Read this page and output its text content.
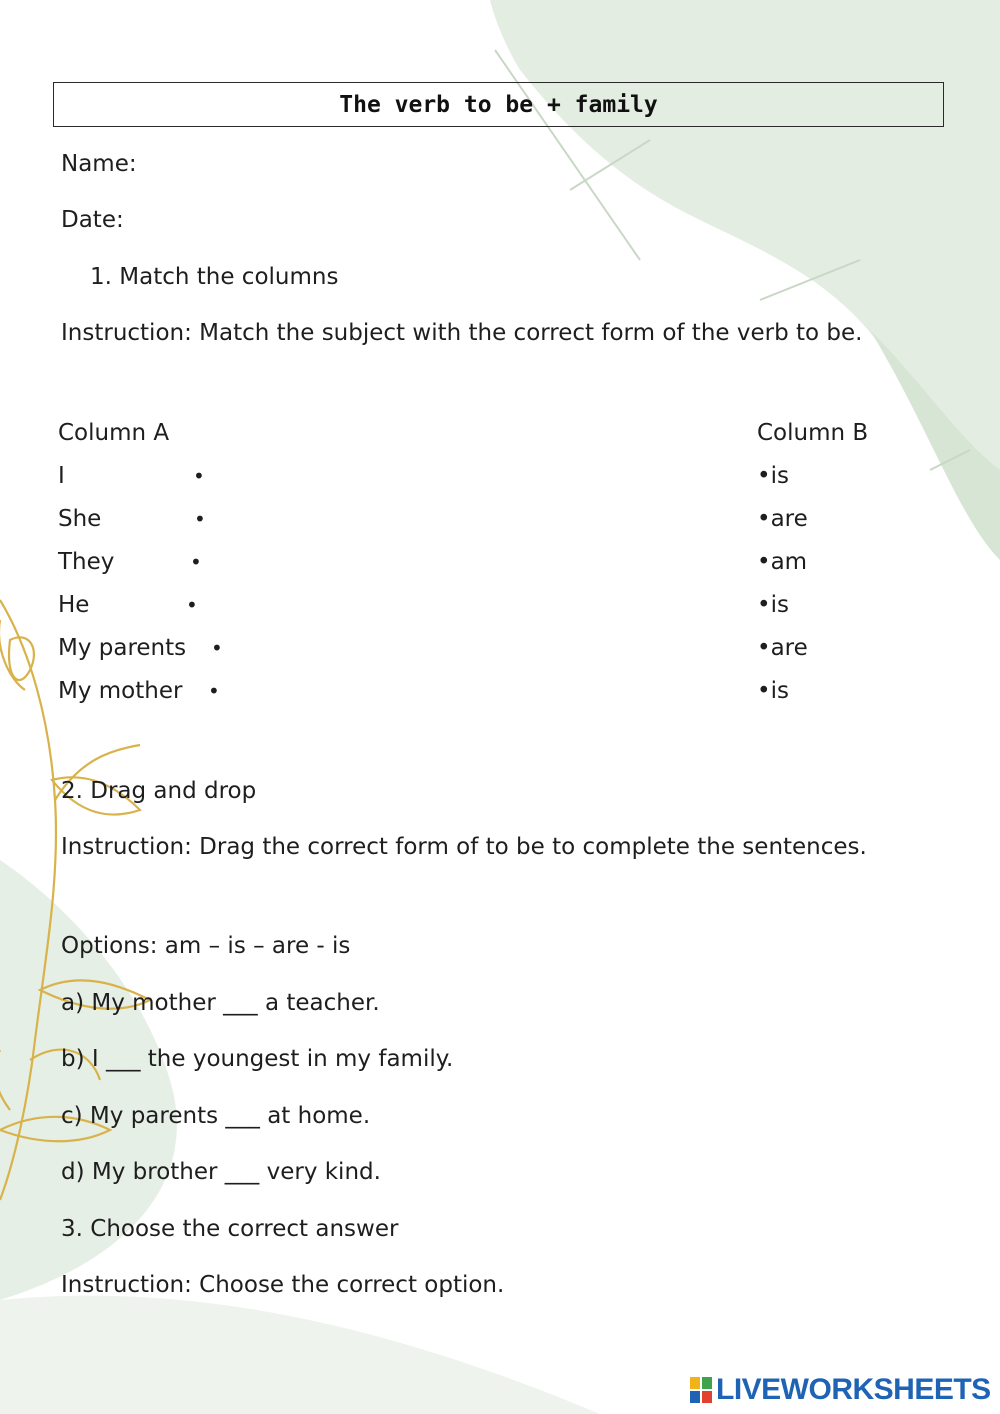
The verb to be + family
Name:
Date:
1. Match the columns
Instruction: Match the subject with the correct form of the verb to be.
Column A	Column B
I
She
They
He
My parents
My mother
•
•
•
•
•
•
•is
•are
•am
•is
•are
•is
2. Drag and drop
Instruction: Drag the correct form of to be to complete the sentences.
Options: am – is – are - is
a) My mother ___ a teacher.
b) I ___ the youngest in my family.
c) My parents ___ at home.
d) My brother ___ very kind.
3. Choose the correct answer
Instruction: Choose the correct option.
LIVEWORKSHEETS
